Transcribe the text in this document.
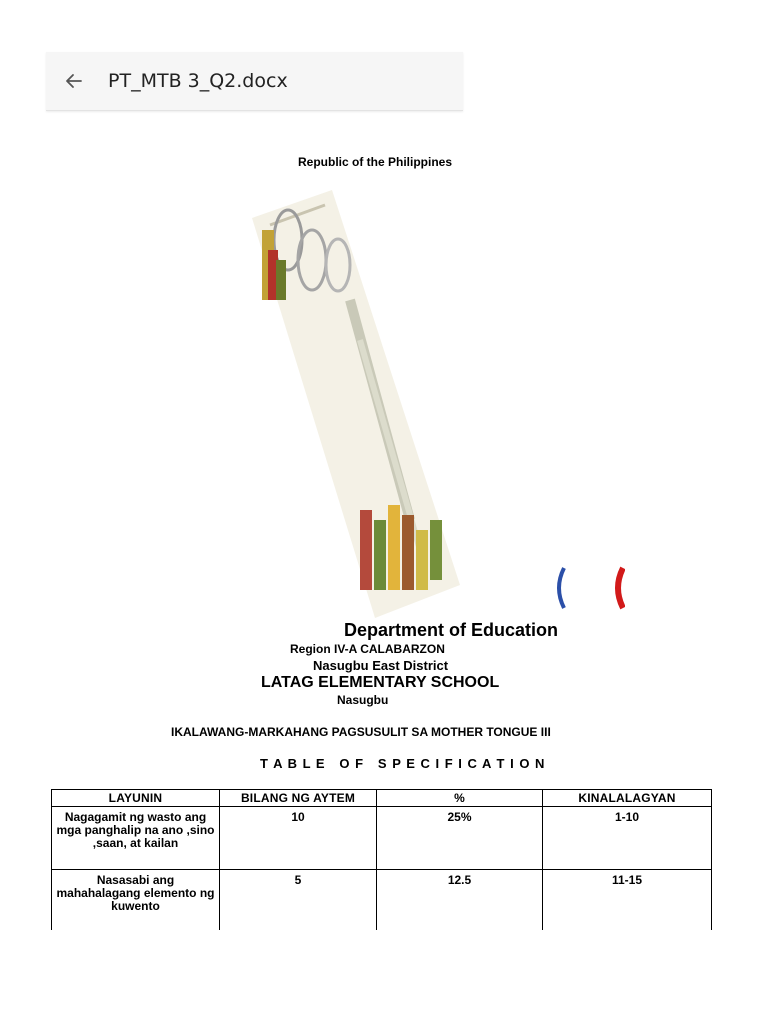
PT_MTB 3_Q2.docx
Republic of the Philippines
Department of Education
Region IV-A CALABARZON
Nasugbu East District
LATAG ELEMENTARY SCHOOL
Nasugbu
IKALAWANG-MARKAHANG PAGSUSULIT SA MOTHER TONGUE III
T A B L E   O F   S P E C I F I C A T I O N
LAYUNIN	BILANG NG AYTEM	%	KINALALAGYAN
Nagagamit ng wasto ang mga panghalip na ano ,sino ,saan, at kailan	10	25%	1-10
Nasasabi ang mahahalagang elemento ng kuwento	5	12.5	11-15
